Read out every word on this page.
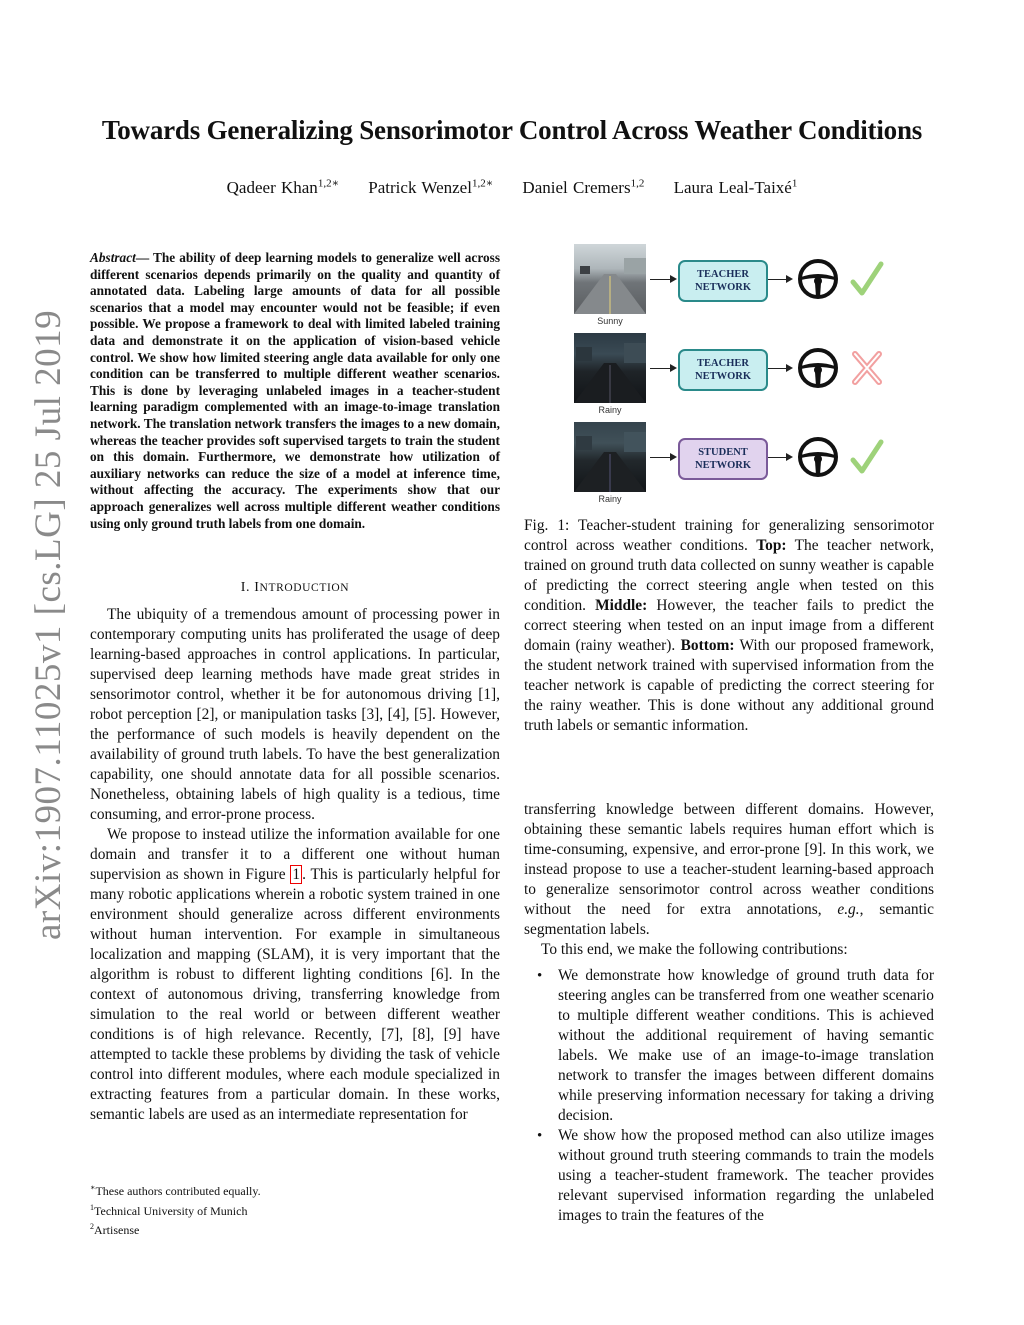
arXiv:1907.11025v1 [cs.LG] 25 Jul 2019
Towards Generalizing Sensorimotor Control Across Weather Conditions
Qadeer Khan$^{1,2∗}$ Patrick Wenzel$^{1,2∗}$ Daniel Cremers$^{1,2}$ Laura Leal-Taixé$^1$
Abstract— The ability of deep learning models to generalize well across different scenarios depends primarily on the quality and quantity of annotated data. Labeling large amounts of data for all possible scenarios that a model may encounter would not be feasible; if even possible. We propose a framework to deal with limited labeled training data and demonstrate it on the application of vision-based vehicle control. We show how limited steering angle data available for only one condition can be transferred to multiple different weather scenarios. This is done by leveraging unlabeled images in a teacher-student learning paradigm complemented with an image-to-image translation network. The translation network transfers the images to a new domain, whereas the teacher provides soft supervised targets to train the student on this domain. Furthermore, we demonstrate how utilization of auxiliary networks can reduce the size of a model at inference time, without affecting the accuracy. The experiments show that our approach generalizes well across multiple different weather conditions using only ground truth labels from one domain.
I. INTRODUCTION

The ubiquity of a tremendous amount of processing power in contemporary computing units has proliferated the usage of deep learning-based approaches in control applications. In particular, supervised deep learning methods have made great strides in sensorimotor control, whether it be for autonomous driving [1], robot perception [2], or manipulation tasks [3], [4], [5]. However, the performance of such models is heavily dependent on the availability of ground truth labels. To have the best generalization capability, one should annotate data for all possible scenarios. Nonetheless, obtaining labels of high quality is a tedious, time consuming, and error-prone process.

We propose to instead utilize the information available for one domain and transfer it to a different one without human supervision as shown in Figure 1 . This is particularly helpful for many robotic applications wherein a robotic system trained in one environment should generalize across different environments without human intervention. For example in simultaneous localization and mapping (SLAM), it is very important that the algorithm is robust to different lighting conditions [6]. In the context of autonomous driving, transferring knowledge from simulation to the real world or between different weather conditions is of high relevance. Recently, [7], [8], [9] have attempted to tackle these problems by dividing the task of vehicle control into different modules, where each module specialized in extracting features from a particular domain. In these works, semantic labels are used as an intermediate representation for

∗These authors contributed equally.
$^1$Technical University of Munich
$^2$Artisense
Sunny
TEACHER
NETWORK
Rainy
TEACHER
NETWORK
Rainy
STUDENT
NETWORK
Fig. 1: Teacher-student training for generalizing sensorimotor control across weather conditions. Top: The teacher network, trained on ground truth data collected on sunny weather is capable of predicting the correct steering angle when tested on this condition. Middle: However, the teacher fails to predict the correct steering when tested on an input image from a different domain (rainy weather). Bottom: With our proposed framework, the student network trained with supervised information from the teacher network is capable of predicting the correct steering for the rainy weather. This is done without any additional ground truth labels or semantic information.

transferring knowledge between different domains. However, obtaining these semantic labels requires human effort which is time-consuming, expensive, and error-prone [9]. In this work, we instead propose to use a teacher-student learning-based approach to generalize sensorimotor control across weather conditions without the need for extra annotations, e.g., semantic segmentation labels.

To this end, we make the following contributions:

• We demonstrate how knowledge of ground truth data for steering angles can be transferred from one weather scenario to multiple different weather conditions. This is achieved without the additional requirement of having semantic labels. We make use of an image-to-image translation network to transfer the images between different domains while preserving information necessary for taking a driving decision.
• We show how the proposed method can also utilize images without ground truth steering commands to train the models using a teacher-student framework. The teacher provides relevant supervised information regarding the unlabeled images to train the features of the
